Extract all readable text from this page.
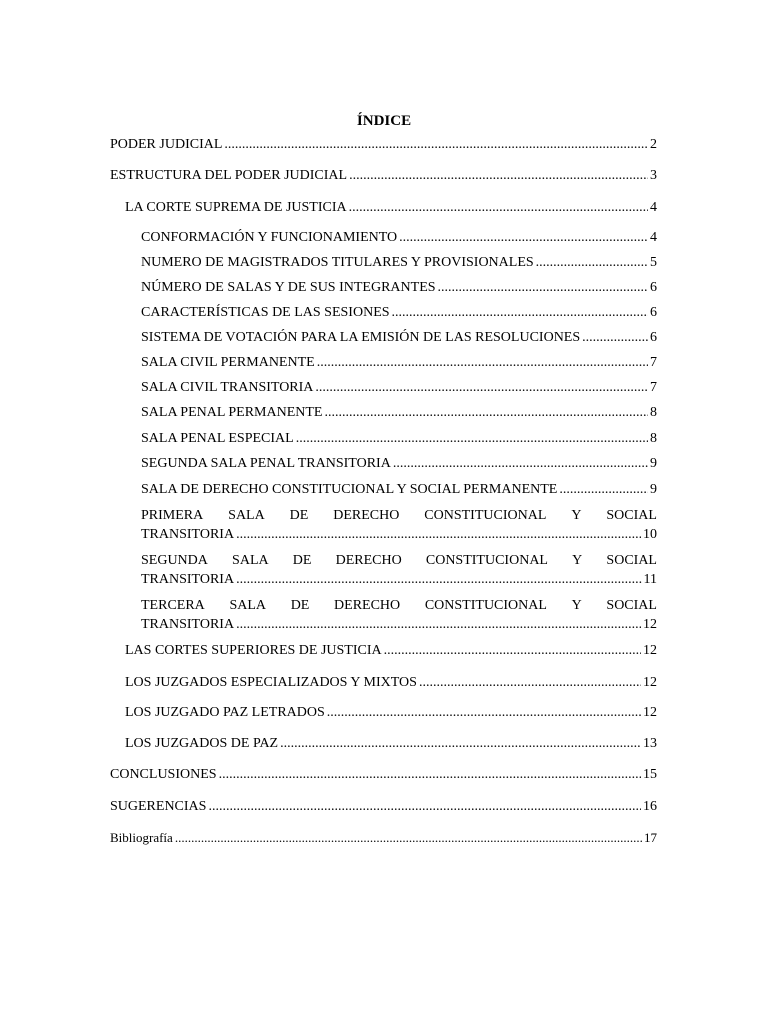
ÍNDICE
PODER JUDICIAL .....	2
ESTRUCTURA DEL PODER JUDICIAL .....	3
LA CORTE SUPREMA DE JUSTICIA .....	4
CONFORMACIÓN Y FUNCIONAMIENTO .....	4
NUMERO DE MAGISTRADOS TITULARES Y PROVISIONALES .....	5
NÚMERO DE SALAS Y DE SUS INTEGRANTES .....	6
CARACTERÍSTICAS DE LAS SESIONES .....	6
SISTEMA DE VOTACIÓN PARA LA EMISIÓN DE LAS RESOLUCIONES .....	6
SALA CIVIL PERMANENTE .....	7
SALA CIVIL TRANSITORIA .....	7
SALA PENAL PERMANENTE .....	8
SALA PENAL ESPECIAL .....	8
SEGUNDA SALA PENAL TRANSITORIA .....	9
SALA DE DERECHO CONSTITUCIONAL Y SOCIAL PERMANENTE .....	9
PRIMERA SALA DE DERECHO CONSTITUCIONAL Y SOCIAL
TRANSITORIA .....	10
SEGUNDA SALA DE DERECHO CONSTITUCIONAL Y SOCIAL
TRANSITORIA .....	11
TERCERA SALA DE DERECHO CONSTITUCIONAL Y SOCIAL
TRANSITORIA .....	12
LAS CORTES SUPERIORES DE JUSTICIA .....	12
LOS JUZGADOS ESPECIALIZADOS Y MIXTOS .....	12
LOS JUZGADO PAZ LETRADOS .....	12
LOS JUZGADOS DE PAZ .....	13
CONCLUSIONES .....	15
SUGERENCIAS .....	16
Bibliografía .....	17
